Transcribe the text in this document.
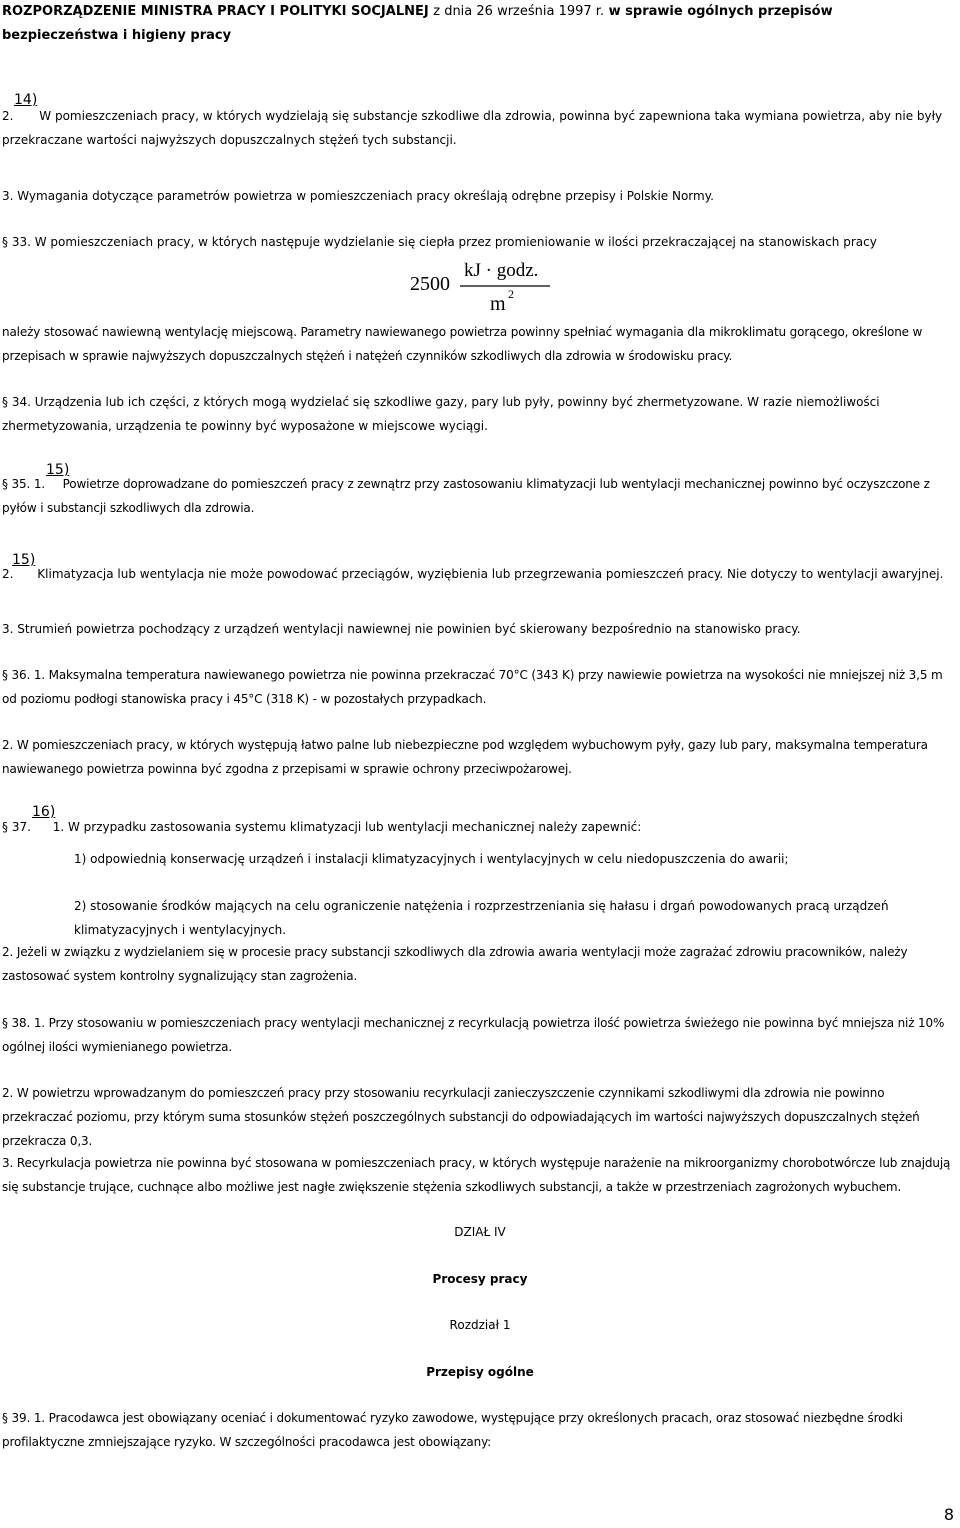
ROZPORZĄDZENIE MINISTRA PRACY I POLITYKI SOCJALNEJ z dnia 26 września 1997 r. w sprawie ogólnych przepisów bezpieczeństwa i higieny pracy
14)
2. W pomieszczeniach pracy, w których wydzielają się substancje szkodliwe dla zdrowia, powinna być zapewniona taka wymiana powietrza, aby nie były przekraczane wartości najwyższych dopuszczalnych stężeń tych substancji.
3. Wymagania dotyczące parametrów powietrza w pomieszczeniach pracy określają odrębne przepisy i Polskie Normy.
§ 33. W pomieszczeniach pracy, w których następuje wydzielanie się ciepła przez promieniowanie w ilości przekraczającej na stanowiskach pracy
2500
kJ · godz.
m 2
należy stosować nawiewną wentylację miejscową. Parametry nawiewanego powietrza powinny spełniać wymagania dla mikroklimatu gorącego, określone w przepisach w sprawie najwyższych dopuszczalnych stężeń i natężeń czynników szkodliwych dla zdrowia w środowisku pracy.
§ 34. Urządzenia lub ich części, z których mogą wydzielać się szkodliwe gazy, pary lub pyły, powinny być zhermetyzowane. W razie niemożliwości zhermetyzowania, urządzenia te powinny być wyposażone w miejscowe wyciągi.
15)
§ 35. 1. Powietrze doprowadzane do pomieszczeń pracy z zewnątrz przy zastosowaniu klimatyzacji lub wentylacji mechanicznej powinno być oczyszczone z pyłów i substancji szkodliwych dla zdrowia.
15)
2. Klimatyzacja lub wentylacja nie może powodować przeciągów, wyziębienia lub przegrzewania pomieszczeń pracy. Nie dotyczy to wentylacji awaryjnej.
3. Strumień powietrza pochodzący z urządzeń wentylacji nawiewnej nie powinien być skierowany bezpośrednio na stanowisko pracy.
§ 36. 1. Maksymalna temperatura nawiewanego powietrza nie powinna przekraczać 70°C (343 K) przy nawiewie powietrza na wysokości nie mniejszej niż 3,5 m od poziomu podłogi stanowiska pracy i 45°C (318 K) - w pozostałych przypadkach.
2. W pomieszczeniach pracy, w których występują łatwo palne lub niebezpieczne pod względem wybuchowym pyły, gazy lub pary, maksymalna temperatura nawiewanego powietrza powinna być zgodna z przepisami w sprawie ochrony przeciwpożarowej.
16)
§ 37. 1. W przypadku zastosowania systemu klimatyzacji lub wentylacji mechanicznej należy zapewnić:
1) odpowiednią konserwację urządzeń i instalacji klimatyzacyjnych i wentylacyjnych w celu niedopuszczenia do awarii;
2) stosowanie środków mających na celu ograniczenie natężenia i rozprzestrzeniania się hałasu i drgań powodowanych pracą urządzeń klimatyzacyjnych i wentylacyjnych.
2. Jeżeli w związku z wydzielaniem się w procesie pracy substancji szkodliwych dla zdrowia awaria wentylacji może zagrażać zdrowiu pracowników, należy zastosować system kontrolny sygnalizujący stan zagrożenia.
§ 38. 1. Przy stosowaniu w pomieszczeniach pracy wentylacji mechanicznej z recyrkulacją powietrza ilość powietrza świeżego nie powinna być mniejsza niż 10% ogólnej ilości wymienianego powietrza.
2. W powietrzu wprowadzanym do pomieszczeń pracy przy stosowaniu recyrkulacji zanieczyszczenie czynnikami szkodliwymi dla zdrowia nie powinno przekraczać poziomu, przy którym suma stosunków stężeń poszczególnych substancji do odpowiadających im wartości najwyższych dopuszczalnych stężeń przekracza 0,3.
3. Recyrkulacja powietrza nie powinna być stosowana w pomieszczeniach pracy, w których występuje narażenie na mikroorganizmy chorobotwórcze lub znajdują się substancje trujące, cuchnące albo możliwe jest nagłe zwiększenie stężenia szkodliwych substancji, a także w przestrzeniach zagrożonych wybuchem.
DZIAŁ IV
Procesy pracy
Rozdział 1
Przepisy ogólne
§ 39. 1. Pracodawca jest obowiązany oceniać i dokumentować ryzyko zawodowe, występujące przy określonych pracach, oraz stosować niezbędne środki profilaktyczne zmniejszające ryzyko. W szczególności pracodawca jest obowiązany:
8
